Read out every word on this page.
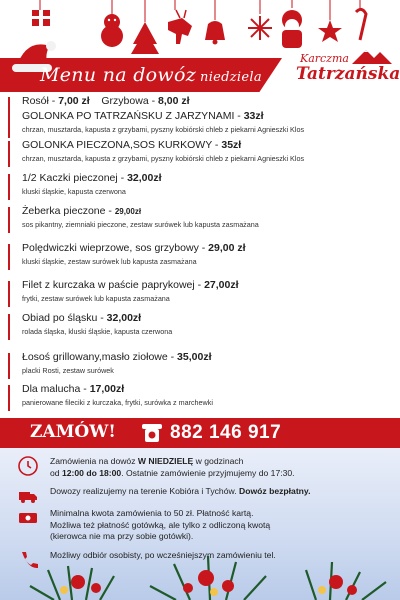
Menu na dowóz niedziela
Karczma
Tatrzańska
Rosół - 7,00 zł    Grzybowa - 8,00 zł
GOLONKA PO TATRZAŃSKU Z JARZYNAMI - 33zł
chrzan, musztarda, kapusta z grzybami, pyszny kobiórski chleb z piekarni Agnieszki Klos
GOLONKA PIECZONA,SOS KURKOWY - 35zł
chrzan, musztarda, kapusta z grzybami, pyszny kobiórski chleb z piekarni Agnieszki Klos
1/2 Kaczki pieczonej - 32,00zł
kluski śląskie, kapusta czerwona
Żeberka pieczone - 29,00zł
sos pikantny, ziemniaki pieczone, zestaw surówek lub kapusta zasmażana
Polędwiczki wieprzowe, sos grzybowy - 29,00 zł
kluski śląskie, zestaw surówek lub kapusta zasmażana
Filet z kurczaka w paście paprykowej - 27,00zł
frytki, zestaw surówek lub kapusta zasmażana
Obiad po śląsku - 32,00zł
rolada śląska, kluski śląskie, kapusta czerwona
Łosoś grillowany,masło ziołowe - 35,00zł
placki Rosti, zestaw surówek
Dla malucha - 17,00zł
panierowane fileciki z kurczaka, frytki, surówka z marchewki
ZAMÓW!	882 146 917
Zamówienia na dowóz W NIEDZIELĘ w godzinach
od 12:00 do 18:00. Ostatnie zamówienie przyjmujemy do 17:30.
Dowozy realizujemy na terenie Kobióra i Tychów. Dowóz bezpłatny.
Minimalna kwota zamówienia to 50 zł. Płatność kartą.
Możliwa też płatność gotówką, ale tylko z odliczoną kwotą
(kierowca nie ma przy sobie gotówki).
Możliwy odbiór osobisty, po wcześniejszym zamówieniu tel.
